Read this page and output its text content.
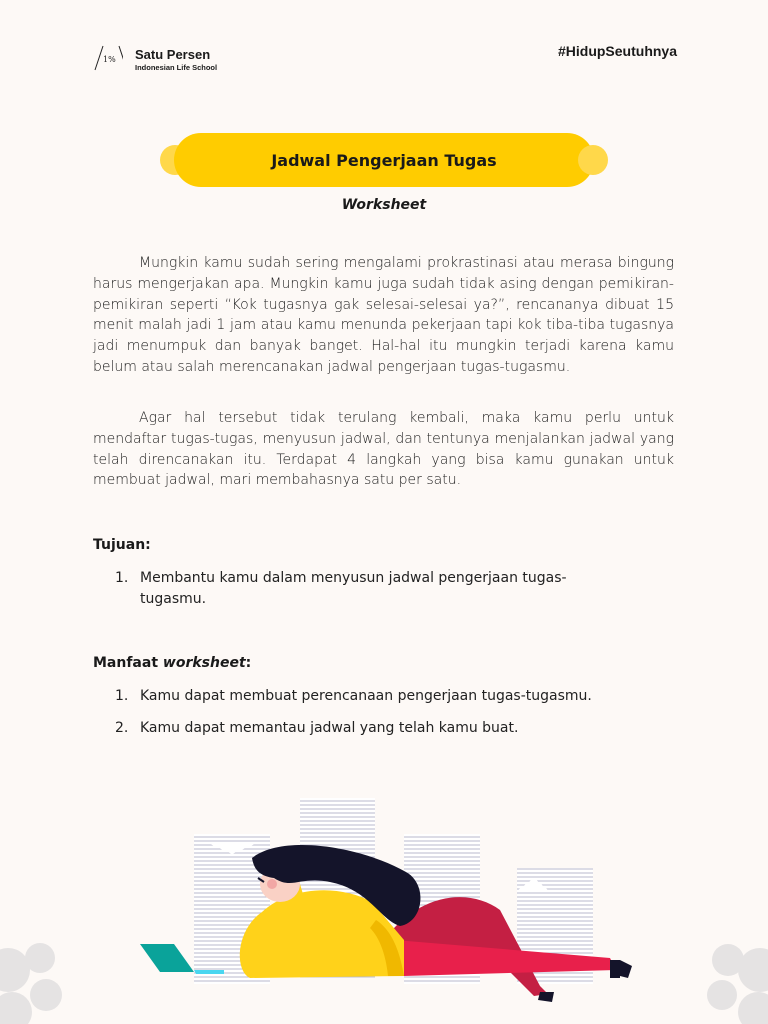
1% Satu Persen
Indonesian Life School
#HidupSeutuhnya
Jadwal Pengerjaan Tugas
Worksheet

Mungkin kamu sudah sering mengalami prokrastinasi atau merasa bingung harus mengerjakan apa. Mungkin kamu juga sudah tidak asing dengan pemikiran-pemikiran seperti “Kok tugasnya gak selesai-selesai ya?”, rencananya dibuat 15 menit malah jadi 1 jam atau kamu menunda pekerjaan tapi kok tiba-tiba tugasnya jadi menumpuk dan banyak banget. Hal-hal itu mungkin terjadi karena kamu belum atau salah merencanakan jadwal pengerjaan tugas-tugasmu.

Agar hal tersebut tidak terulang kembali, maka kamu perlu untuk mendaftar tugas-tugas, menyusun jadwal, dan tentunya menjalankan jadwal yang telah direncanakan itu. Terdapat 4 langkah yang bisa kamu gunakan untuk membuat jadwal, mari membahasnya satu per satu.

Tujuan:
1. Membantu kamu dalam menyusun jadwal pengerjaan tugas-tugasmu.
Manfaat worksheet:
1. Kamu dapat membuat perencanaan pengerjaan tugas-tugasmu.
2. Kamu dapat memantau jadwal yang telah kamu buat.
